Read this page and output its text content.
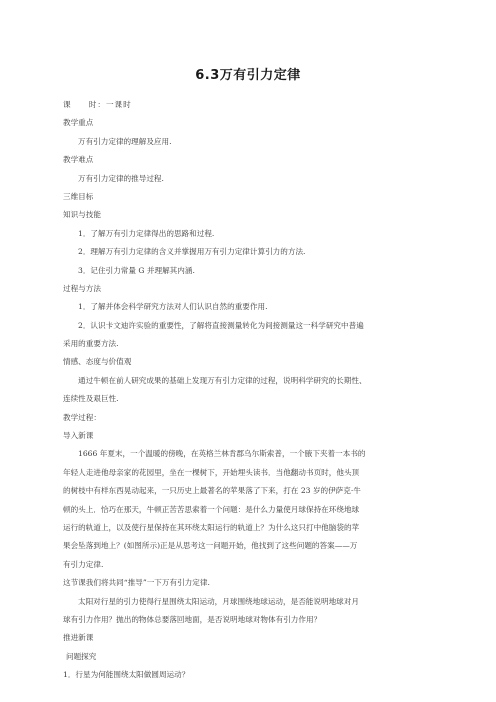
6.3万有引力定律
课　　时：一课时
教学重点
万有引力定律的理解及应用.
教学难点
万有引力定律的推导过程.
三维目标
知识与技能
1．了解万有引力定律得出的思路和过程.
2．理解万有引力定律的含义并掌握用万有引力定律计算引力的方法.
3．记住引力常量 G 并理解其内涵.
过程与方法
1．了解并体会科学研究方法对人们认识自然的重要作用.
2．认识卡文迪许实验的重要性，了解将直接测量转化为间接测量这一科学研究中普遍
采用的重要方法.
情感、态度与价值观
通过牛顿在前人研究成果的基础上发现万有引力定律的过程，说明科学研究的长期性、
连续性及艰巨性.
教学过程：
导入新课
1666 年夏末，一个温暖的傍晚，在英格兰林肯郡乌尔斯索普，一个腋下夹着一本书的
年轻人走进他母亲家的花园里，坐在一棵树下，开始埋头读书．当他翻动书页时，他头顶
的树枝中有样东西晃动起来，一只历史上最著名的苹果落了下来，打在 23 岁的伊萨克·牛
顿的头上．恰巧在那天，牛顿正苦苦思索着一个问题：是什么力量使月球保持在环绕地球
运行的轨道上，以及使行星保持在其环绕太阳运行的轨道上？为什么这只打中他脑袋的苹
果会坠落到地上？(如图所示)正是从思考这一问题开始，他找到了这些问题的答案——万
有引力定律.
这节课我们将共同“推导”一下万有引力定律.
太阳对行星的引力使得行星围绕太阳运动，月球围绕地球运动，是否能说明地球对月
球有引力作用？抛出的物体总要落回地面，是否说明地球对物体有引力作用？
推进新课
问题探究
1．行星为何能围绕太阳做圆周运动？
